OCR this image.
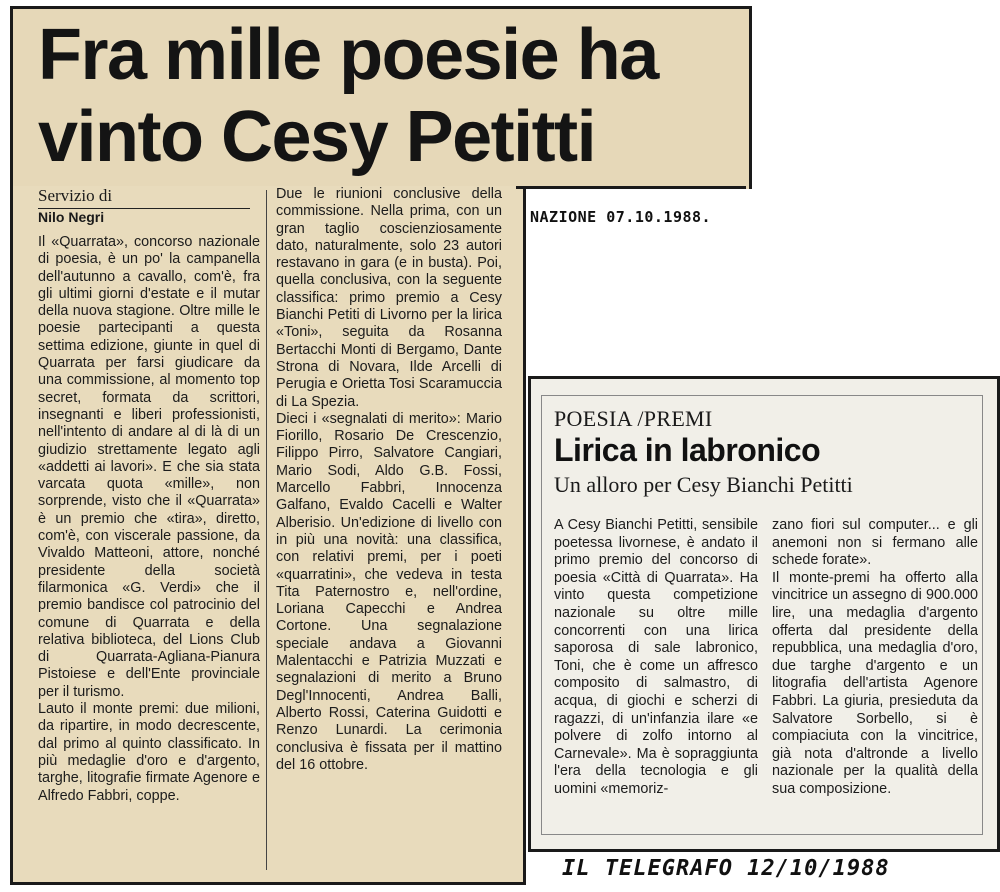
Fra mille poesie ha vinto Cesy Petitti
Servizio di
Nilo Negri
Il «Quarrata», concorso nazionale di poesia, è un po' la campanella dell'autunno a cavallo, com'è, fra gli ultimi giorni d'estate e il mutar della nuova stagione. Oltre mille le poesie partecipanti a questa settima edizione, giunte in quel di Quarrata per farsi giudicare da una commissione, al momento top secret, formata da scrittori, insegnanti e liberi professionisti, nell'intento di andare al di là di un giudizio strettamente legato agli «addetti ai lavori». E che sia stata varcata quota «mille», non sorprende, visto che il «Quarrata» è un premio che «tira», diretto, com'è, con viscerale passione, da Vivaldo Matteoni, attore, nonché presidente della società filarmonica «G. Verdi» che il premio bandisce col patrocinio del comune di Quarrata e della relativa biblioteca, del Lions Club di Quarrata-Agliana-Pianura Pistoiese e dell'Ente provinciale per il turismo.
Lauto il monte premi: due milioni, da ripartire, in modo decrescente, dal primo al quinto classificato. In più medaglie d'oro e d'argento, targhe, litografie firmate Agenore e Alfredo Fabbri, coppe.
Due le riunioni conclusive della commissione. Nella prima, con un gran taglio coscienziosamente dato, naturalmente, solo 23 autori restavano in gara (e in busta). Poi, quella conclusiva, con la seguente classifica: primo premio a Cesy Bianchi Petiti di Livorno per la lirica «Toni», seguita da Rosanna Bertacchi Monti di Bergamo, Dante Strona di Novara, Ilde Arcelli di Perugia e Orietta Tosi Scaramuccia di La Spezia.
Dieci i «segnalati di merito»: Mario Fiorillo, Rosario De Crescenzio, Filippo Pirro, Salvatore Cangiari, Mario Sodi, Aldo G.B. Fossi, Marcello Fabbri, Innocenza Galfano, Evaldo Cacelli e Walter Alberisio. Un'edizione di livello con in più una novità: una classifica, con relativi premi, per i poeti «quarratini», che vedeva in testa Tita Paternostro e, nell'ordine, Loriana Capecchi e Andrea Cortone. Una segnalazione speciale andava a Giovanni Malentacchi e Patrizia Muzzati e segnalazioni di merito a Bruno Degl'Innocenti, Andrea Balli, Alberto Rossi, Caterina Guidotti e Renzo Lunardi. La cerimonia conclusiva è fissata per il mattino del 16 ottobre.
NAZIONE 07.10.1988.
POESIA /PREMI
Lirica in labronico
Un alloro per Cesy Bianchi Petitti
A Cesy Bianchi Petitti, sensibile poetessa livornese, è andato il primo premio del concorso di poesia «Città di Quarrata». Ha vinto questa competizione nazionale su oltre mille concorrenti con una lirica saporosa di sale labronico, Toni, che è come un affresco composito di salmastro, di acqua, di giochi e scherzi di ragazzi, di un'infanzia ilare «e polvere di zolfo intorno al Carnevale». Ma è sopraggiunta l'era della tecnologia e gli uomini «memoriz-
zano fiori sul computer... e gli anemoni non si fermano alle schede forate».
Il monte-premi ha offerto alla vincitrice un assegno di 900.000 lire, una medaglia d'argento offerta dal presidente della repubblica, una medaglia d'oro, due targhe d'argento e un litografia dell'artista Agenore Fabbri. La giuria, presieduta da Salvatore Sorbello, si è compiaciuta con la vincitrice, già nota d'altronde a livello nazionale per la qualità della sua composizione.
IL TELEGRAFO 12/10/1988
